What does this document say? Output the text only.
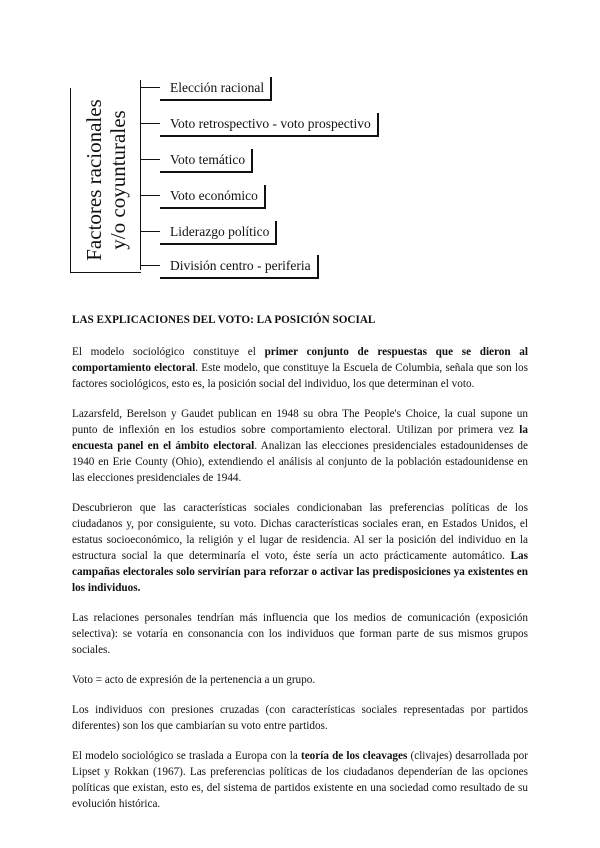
Factores racionales y/o coyunturales
Elección racional
Voto retrospectivo - voto prospectivo
Voto temático
Voto económico
Liderazgo político
División centro - periferia
LAS EXPLICACIONES DEL VOTO: LA POSICIÓN SOCIAL

El modelo sociológico constituye el primer conjunto de respuestas que se dieron al comportamiento electoral. Este modelo, que constituye la Escuela de Columbia, señala que son los factores sociológicos, esto es, la posición social del individuo, los que determinan el voto.

Lazarsfeld, Berelson y Gaudet publican en 1948 su obra The People's Choice, la cual supone un punto de inflexión en los estudios sobre comportamiento electoral. Utilizan por primera vez la encuesta panel en el ámbito electoral. Analizan las elecciones presidenciales estadounidenses de 1940 en Erie County (Ohio), extendiendo el análisis al conjunto de la población estadounidense en las elecciones presidenciales de 1944.

Descubrieron que las características sociales condicionaban las preferencias políticas de los ciudadanos y, por consiguiente, su voto. Dichas características sociales eran, en Estados Unidos, el estatus socioeconómico, la religión y el lugar de residencia. Al ser la posición del individuo en la estructura social la que determinaría el voto, éste sería un acto prácticamente automático. Las campañas electorales solo servirían para reforzar o activar las predisposiciones ya existentes en los individuos.

Las relaciones personales tendrían más influencia que los medios de comunicación (exposición selectiva): se votaría en consonancia con los individuos que forman parte de sus mismos grupos sociales.

Voto = acto de expresión de la pertenencia a un grupo.

Los individuos con presiones cruzadas (con características sociales representadas por partidos diferentes) son los que cambiarían su voto entre partidos.

El modelo sociológico se traslada a Europa con la teoría de los cleavages (clivajes) desarrollada por Lipset y Rokkan (1967). Las preferencias políticas de los ciudadanos dependerían de las opciones políticas que existan, esto es, del sistema de partidos existente en una sociedad como resultado de su evolución histórica.
